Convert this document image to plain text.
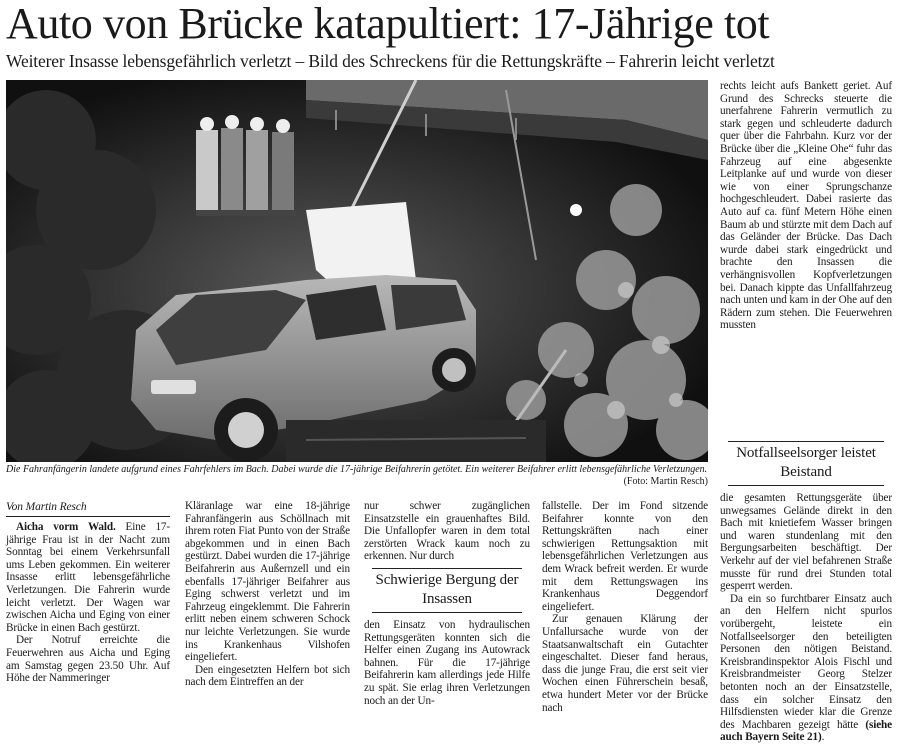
Auto von Brücke katapultiert: 17-Jährige tot
Weiterer Insasse lebensgefährlich verletzt – Bild des Schreckens für die Rettungskräfte – Fahrerin leicht verletzt
Die Fahranfängerin landete aufgrund eines Fahrfehlers im Bach. Dabei wurde die 17-jährige Beifahrerin getötet. Ein weiterer Beifahrer erlitt lebensgefährliche Verletzungen.
(Foto: Martin Resch)

rechts leicht aufs Bankett geriet. Auf Grund des Schrecks steuerte die unerfahrene Fahrerin vermutlich zu stark gegen und schleuderte dadurch quer über die Fahrbahn. Kurz vor der Brücke über die „Kleine Ohe“ fuhr das Fahrzeug auf eine abgesenkte Leitplanke auf und wurde von dieser wie von einer Sprungschanze hochgeschleudert. Dabei rasierte das Auto auf ca. fünf Metern Höhe einen Baum ab und stürzte mit dem Dach auf das Geländer der Brücke. Das Dach wurde dabei stark eingedrückt und brachte den Insassen die verhängnisvollen Kopfverletzungen bei. Danach kippte das Unfallfahrzeug nach unten und kam in der Ohe auf den Rädern zum stehen. Die Feuerwehren mussten

Notfallseelsorger leistet Beistand

die gesamten Rettungsgeräte über unwegsames Gelände direkt in den Bach mit knietiefem Wasser bringen und waren stundenlang mit den Bergungsarbeiten beschäftigt. Der Verkehr auf der viel befahrenen Straße musste für rund drei Stunden total gesperrt werden.

Da ein so furchtbarer Einsatz auch an den Helfern nicht spurlos vorübergeht, leistete ein Notfallseelsorger den beteiligten Personen den nötigen Beistand. Kreisbrandinspektor Alois Fischl und Kreisbrandmeister Georg Stelzer betonten noch an der Einsatzstelle, dass ein solcher Einsatz den Hilfsdiensten wieder klar die Grenze des Machbaren gezeigt hätte (siehe auch Bayern Seite 21).

Von Martin Resch

Aicha vorm Wald. Eine 17-jährige Frau ist in der Nacht zum Sonntag bei einem Verkehrsunfall ums Leben gekommen. Ein weiterer Insasse erlitt lebensgefährliche Verletzungen. Die Fahrerin wurde leicht verletzt. Der Wagen war zwischen Aicha und Eging von einer Brücke in einen Bach gestürzt.

Der Notruf erreichte die Feuerwehren aus Aicha und Eging am Samstag gegen 23.50 Uhr. Auf Höhe der Nammeringer

Kläranlage war eine 18-jährige Fahranfängerin aus Schöllnach mit ihrem roten Fiat Punto von der Straße abgekommen und in einen Bach gestürzt. Dabei wurden die 17-jährige Beifahrerin aus Außernzell und ein ebenfalls 17-jähriger Beifahrer aus Eging schwerst verletzt und im Fahrzeug eingeklemmt. Die Fahrerin erlitt neben einem schweren Schock nur leichte Verletzungen. Sie wurde ins Krankenhaus Vilshofen eingeliefert.

Den eingesetzten Helfern bot sich nach dem Eintreffen an der

nur schwer zugänglichen Einsatzstelle ein grauenhaftes Bild. Die Unfallopfer waren in dem total zerstörten Wrack kaum noch zu erkennen. Nur durch

Schwierige Bergung der Insassen

den Einsatz von hydraulischen Rettungsgeräten konnten sich die Helfer einen Zugang ins Autowrack bahnen. Für die 17-jährige Beifahrerin kam allerdings jede Hilfe zu spät. Sie erlag ihren Verletzungen noch an der Un-

fallstelle. Der im Fond sitzende Beifahrer konnte von den Rettungskräften nach einer schwierigen Rettungsaktion mit lebensgefährlichen Verletzungen aus dem Wrack befreit werden. Er wurde mit dem Rettungswagen ins Krankenhaus Deggendorf eingeliefert.

Zur genauen Klärung der Unfallursache wurde von der Staatsanwaltschaft ein Gutachter eingeschaltet. Dieser fand heraus, dass die junge Frau, die erst seit vier Wochen einen Führerschein besaß, etwa hundert Meter vor der Brücke nach
